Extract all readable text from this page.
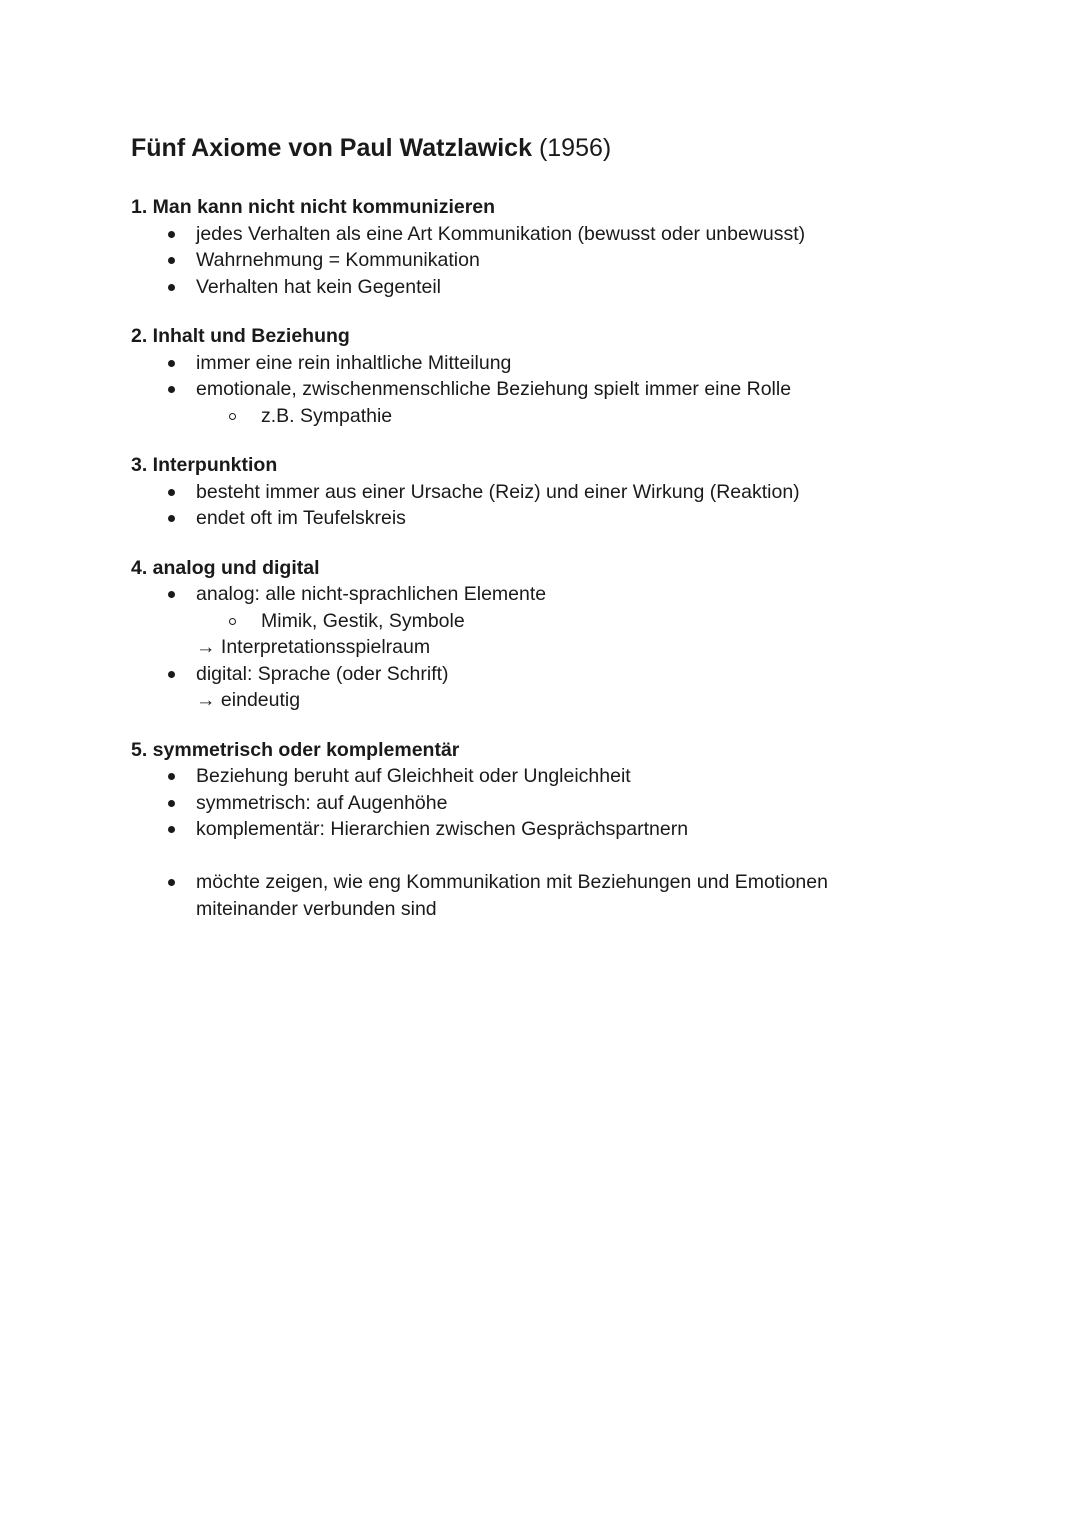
Fünf Axiome von Paul Watzlawick (1956)

1. Man kann nicht nicht kommunizieren

jedes Verhalten als eine Art Kommunikation (bewusst oder unbewusst)
Wahrnehmung = Kommunikation
Verhalten hat kein Gegenteil

2. Inhalt und Beziehung

immer eine rein inhaltliche Mitteilung
emotionale, zwischenmenschliche Beziehung spielt immer eine Rolle
z.B. Sympathie

3. Interpunktion

besteht immer aus einer Ursache (Reiz) und einer Wirkung (Reaktion)
endet oft im Teufelskreis

4. analog und digital

analog: alle nicht-sprachlichen Elemente
Mimik, Gestik, Symbole
→ Interpretationsspielraum
digital: Sprache (oder Schrift)
→ eindeutig

5. symmetrisch oder komplementär

Beziehung beruht auf Gleichheit oder Ungleichheit
symmetrisch: auf Augenhöhe
komplementär: Hierarchien zwischen Gesprächspartnern
möchte zeigen, wie eng Kommunikation mit Beziehungen und Emotionen
miteinander verbunden sind
